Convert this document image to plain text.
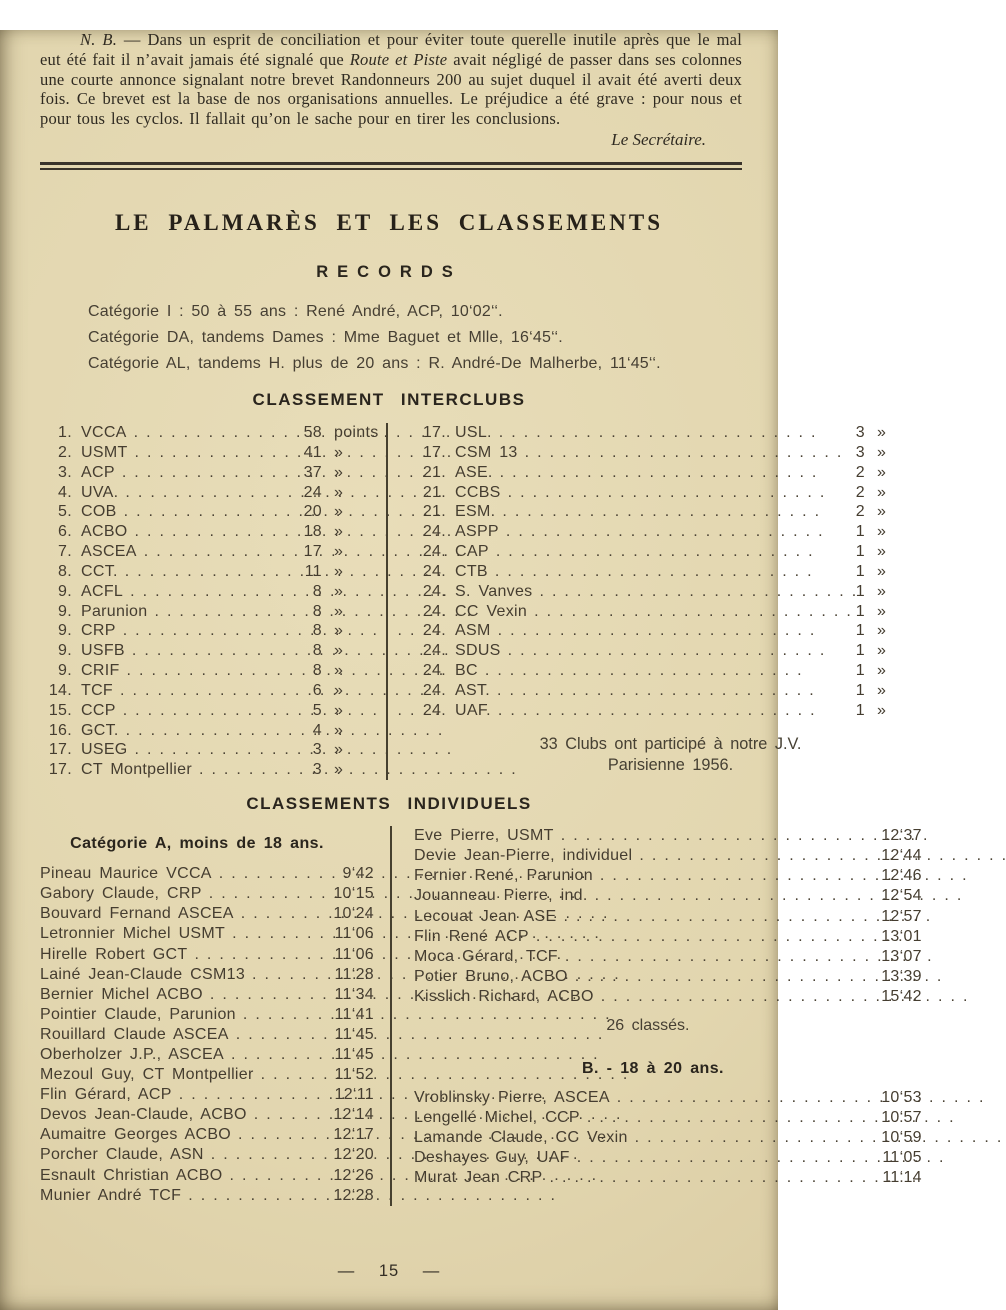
N. B. — Dans un esprit de conciliation et pour éviter toute querelle inutile après que le mal eut été fait il n’avait jamais été signalé que Route et Piste avait négligé de passer dans ses colonnes une courte annonce signalant notre brevet Randonneurs 200 au sujet duquel il avait été averti deux fois. Ce brevet est la base de nos organisations annuelles. Le préjudice a été grave : pour nous et pour tous les cyclos. Il fallait qu’on le sache pour en tirer les conclusions.

Le Secrétaire.

LE PALMARÈS ET LES CLASSEMENTS
RECORDS
Catégorie I : 50 à 55 ans : René André, ACP, 10‘02‘‘.
Catégorie DA, tandems Dames : Mme Baguet et Mlle, 16‘45‘‘.
Catégorie AL, tandems H. plus de 20 ans : R. André-De Malherbe, 11‘45‘‘.
CLASSEMENT INTERCLUBS
1. VCCA . .	58 points
2. USMT . .	41 »
3. ACP . .	37 »
4. UVA. . .	24 »
5. COB . .	20 »
6. ACBO . .	18 »
7. ASCEA . .	17 »
8. CCT. . .	11 »
9. ACFL . .	8 »
9. Parunion . .	8 »
9. CRP . .	8 »
9. USFB . .	8 »
9. CRIF . .	8 »
14. TCF . .	6 »
15. CCP . .	5 »
16. GCT. . .	4 »
17. USEG . .	3 »
17. CT Montpellier . .	3 »
17. USL. . .	3 »
17. CSM 13 . .	3 »
21. ASE. . .	2 »
21. CCBS . .	2 »
21. ESM. . .	2 »
24. ASPP . .	1 »
24. CAP . .	1 »
24. CTB . .	1 »
24. S. Vanves . .	1 »
24. CC Vexin . .	1 »
24. ASM . .	1 »
24. SDUS . .	1 »
24. BC . .	1 »
24. AST. . .	1 »
24. UAF. . .	1 »
33 Clubs ont participé à notre J.V.
Parisienne 1956.
CLASSEMENTS INDIVIDUELS
Catégorie A, moins de 18 ans.
Pineau Maurice VCCA . . .	9‘42
Gabory Claude, CRP . . .	10‘15
Bouvard Fernand ASCEA . . .	10‘24
Letronnier Michel USMT . . .	11‘06
Hirelle Robert GCT . . .	11‘06
Lainé Jean-Claude CSM13 . . .	11‘28
Bernier Michel ACBO . . .	11‘34
Pointier Claude, Parunion . . .	11‘41
Rouillard Claude ASCEA . . .	11‘45
Oberholzer J.P., ASCEA . . .	11‘45
Mezoul Guy, CT Montpellier . . .	11‘52
Flin Gérard, ACP . . .	12‘11
Devos Jean-Claude, ACBO . . .	12‘14
Aumaitre Georges ACBO . . .	12‘17
Porcher Claude, ASN . . .	12‘20
Esnault Christian ACBO . . .	12‘26
Munier André TCF . . .	12‘28
Eve Pierre, USMT . . .	12‘37
Devie Jean-Pierre, individuel . . .	12‘44
Fernier René, Parunion . . .	12‘46
Jouanneau Pierre, ind. . . .	12‘54
Lecouat Jean ASE . . .	12‘57
Flin René ACP . . .	13‘01
Moca Gérard, TCF . . .	13‘07
Potier Bruno, ACBO . . .	13‘39
Kisslich Richard, ACBO . . .	15‘42
26 classés.
B. - 18 à 20 ans.
Vroblinsky Pierre, ASCEA . . .	10‘53
Lengellé Michel, CCP . . .	10‘57
Lamande Claude, CC Vexin . . .	10‘59
Deshayes Guy, UAF . . .	11‘05
Murat Jean CRP . . .	11‘14
— 15 —
